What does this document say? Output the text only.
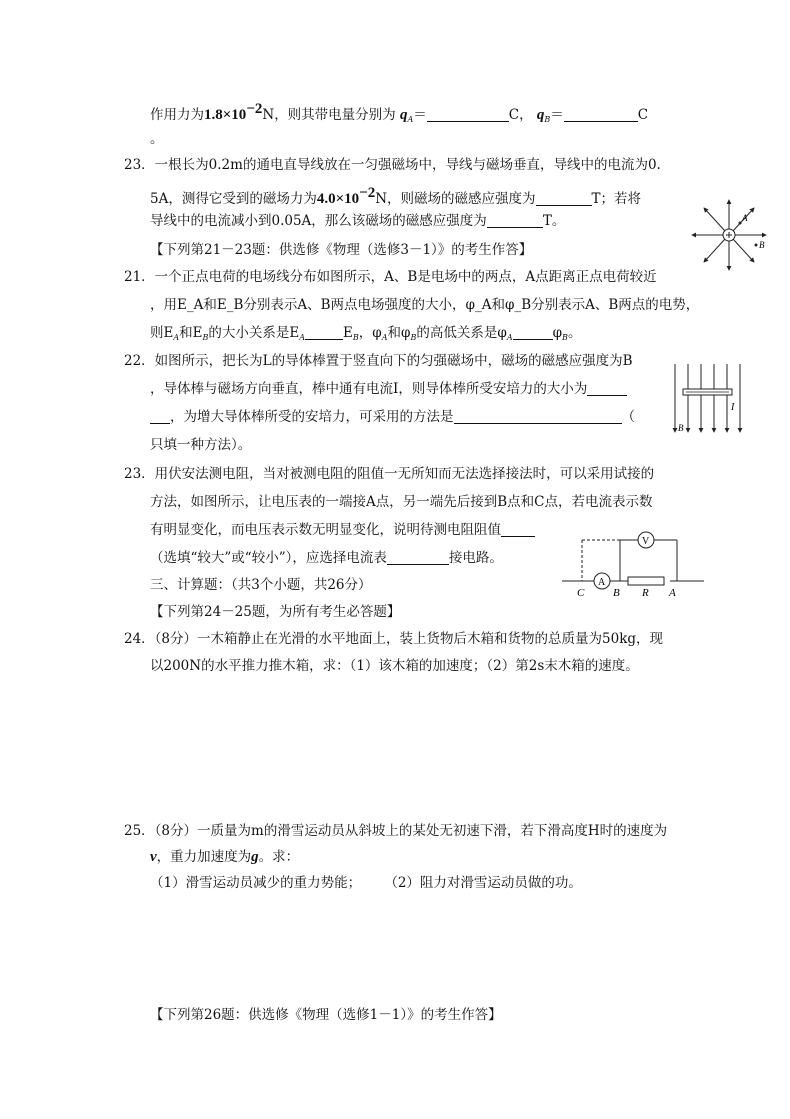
作用力为$1.8\times 10^{-2}N$，则其带电量分别为 $q_A=$	C， $q_B=$	C
。
23．一根长为0.2m的通电直导线放在一匀强磁场中，导线与磁场垂直，导线中的电流为0.
5A，测得它受到的磁场力为$4.0\times 10^{-2}N$，则磁场的磁感应强度为	T；若将
导线中的电流减小到0.05A，那么该磁场的磁感应强度为	T。
【下列第21－23题：供选修《物理（选修3－1）》的考生作答】
21．一个正点电荷的电场线分布如图所示，A、B是电场中的两点，A点距离正点电荷较近
，用E_A和E_B分别表示A、B两点电场强度的大小，φ_A和φ_B分别表示A、B两点的电势，
则$E_A$和$E_B$的大小关系是$E_A$	$E_B$，$\varphi_A$和$\varphi_B$的高低关系是$\varphi_A$	$\varphi_B$。
22．如图所示，把长为L的导体棒置于竖直向下的匀强磁场中，磁场的磁感应强度为B
，导体棒与磁场方向垂直，棒中通有电流I，则导体棒所受安培力的大小为
，为增大导体棒所受的安培力，可采用的方法是	（
只填一种方法）。
23．用伏安法测电阻，当对被测电阻的阻值一无所知而无法选择接法时，可以采用试接的
方法，如图所示，让电压表的一端接A点，另一端先后接到B点和C点，若电流表示数
有明显变化，而电压表示数无明显变化，说明待测电阻阻值
（选填“较大”或“较小”），应选择电流表	接电路。
三、计算题：（共3个小题，共26分）
【下列第24－25题，为所有考生必答题】
24．（8分）一木箱静止在光滑的水平地面上，装上货物后木箱和货物的总质量为50kg，现
以200N的水平推力推木箱，求：（1）该木箱的加速度；（2）第2s末木箱的速度。
25．（8分）一质量为m的滑雪运动员从斜坡上的某处无初速下滑，若下滑高度H时的速度为
v，重力加速度为g。求：
（1）滑雪运动员减少的重力势能； （2）阻力对滑雪运动员做的功。
【下列第26题：供选修《物理（选修1－1）》的考生作答】
A
B
B
I
V
A
C	B R A
